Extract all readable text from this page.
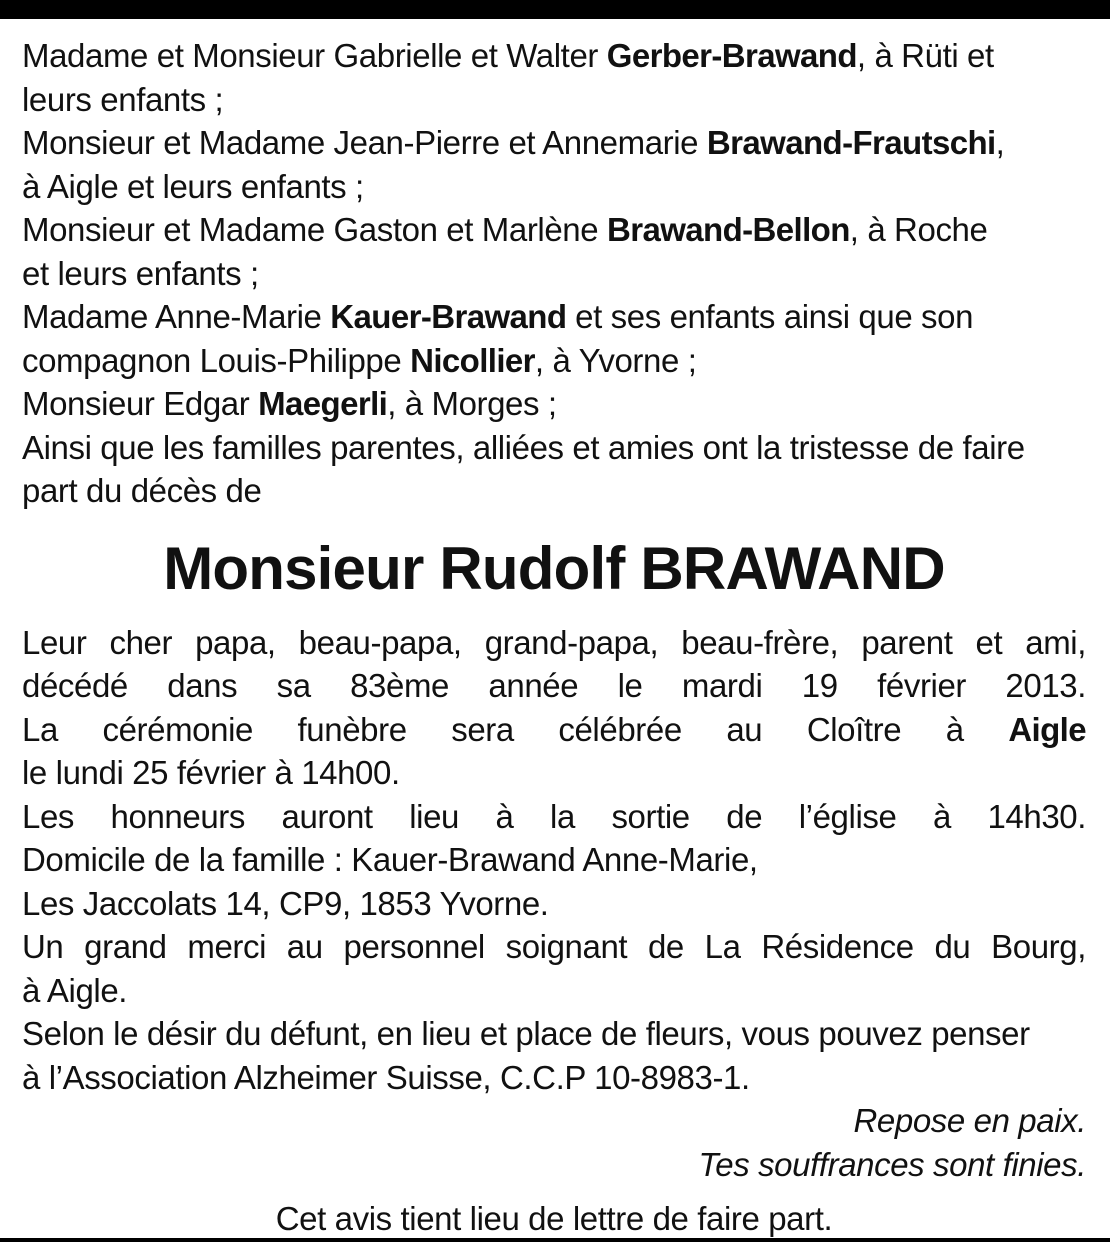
Madame et Monsieur Gabrielle et Walter Gerber-Brawand, à Rüti et

leurs enfants ;

Monsieur et Madame Jean-Pierre et Annemarie Brawand-Frautschi,

à Aigle et leurs enfants ;

Monsieur et Madame Gaston et Marlène Brawand-Bellon, à Roche

et leurs enfants ;

Madame Anne-Marie Kauer-Brawand et ses enfants ainsi que son

compagnon Louis-Philippe Nicollier, à Yvorne ;

Monsieur Edgar Maegerli, à Morges ;

Ainsi que les familles parentes, alliées et amies ont la tristesse de faire

part du décès de

Monsieur Rudolf BRAWAND

Leur cher papa, beau-papa, grand-papa, beau-frère, parent et ami,

décédé dans sa 83ème année le mardi 19 février 2013.

La cérémonie funèbre sera célébrée au Cloître à Aigle

le lundi 25 février à 14h00.

Les honneurs auront lieu à la sortie de l’église à 14h30.

Domicile de la famille : Kauer-Brawand Anne-Marie,

Les Jaccolats 14, CP9, 1853 Yvorne.

Un grand merci au personnel soignant de La Résidence du Bourg,

à Aigle.

Selon le désir du défunt, en lieu et place de fleurs, vous pouvez penser

à l’Association Alzheimer Suisse, C.C.P 10-8983-1.

Repose en paix.

Tes souffrances sont finies.

Cet avis tient lieu de lettre de faire part.
